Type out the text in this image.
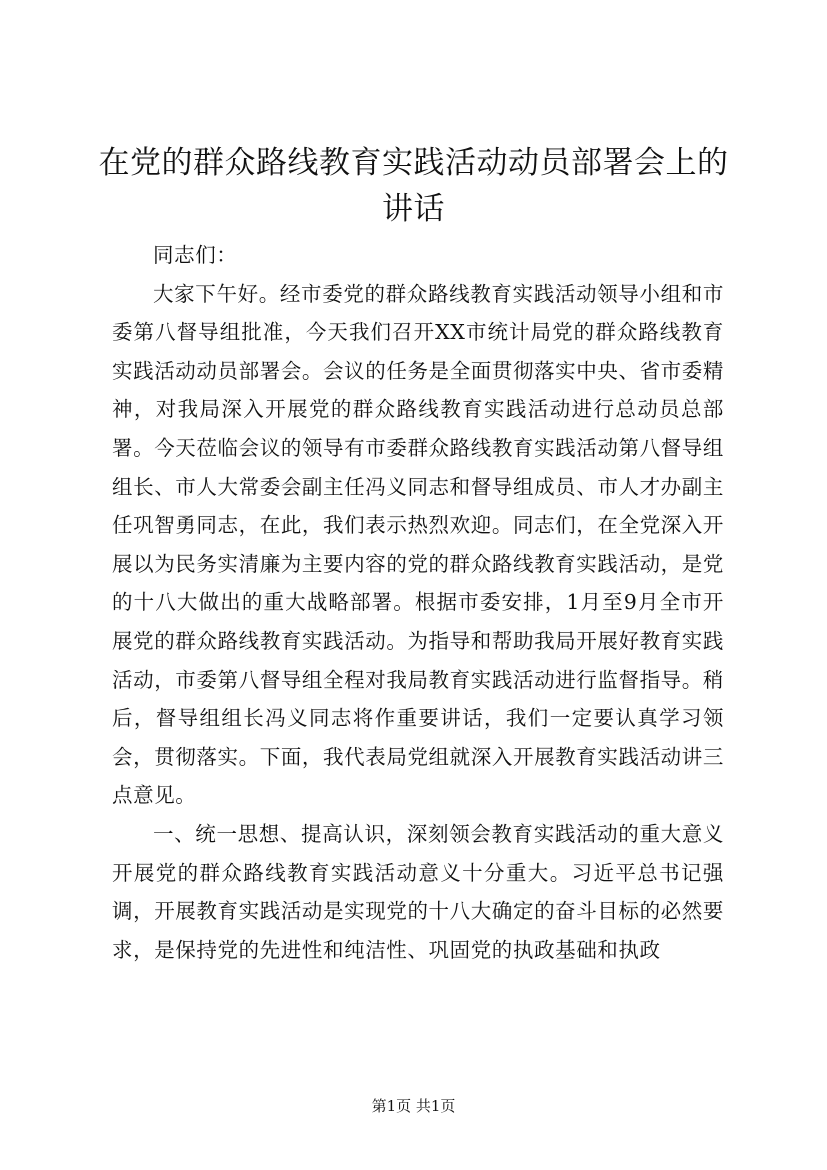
在党的群众路线教育实践活动动员部署会上的
讲话

同志们：

大家下午好。经市委党的群众路线教育实践活动领导小组和市委第八督导组批准，今天我们召开XX市统计局党的群众路线教育实践活动动员部署会。会议的任务是全面贯彻落实中央、省市委精神，对我局深入开展党的群众路线教育实践活动进行总动员总部署。今天莅临会议的领导有市委群众路线教育实践活动第八督导组组长、市人大常委会副主任冯义同志和督导组成员、市人才办副主任巩智勇同志，在此，我们表示热烈欢迎。同志们，在全党深入开展以为民务实清廉为主要内容的党的群众路线教育实践活动，是党的十八大做出的重大战略部署。根据市委安排，1月至9月全市开展党的群众路线教育实践活动。为指导和帮助我局开展好教育实践活动，市委第八督导组全程对我局教育实践活动进行监督指导。稍后，督导组组长冯义同志将作重要讲话，我们一定要认真学习领会，贯彻落实。下面，我代表局党组就深入开展教育实践活动讲三点意见。

一、统一思想、提高认识，深刻领会教育实践活动的重大意义开展党的群众路线教育实践活动意义十分重大。习近平总书记强调，开展教育实践活动是实现党的十八大确定的奋斗目标的必然要求，是保持党的先进性和纯洁性、巩固党的执政基础和执政

第1页 共1页
